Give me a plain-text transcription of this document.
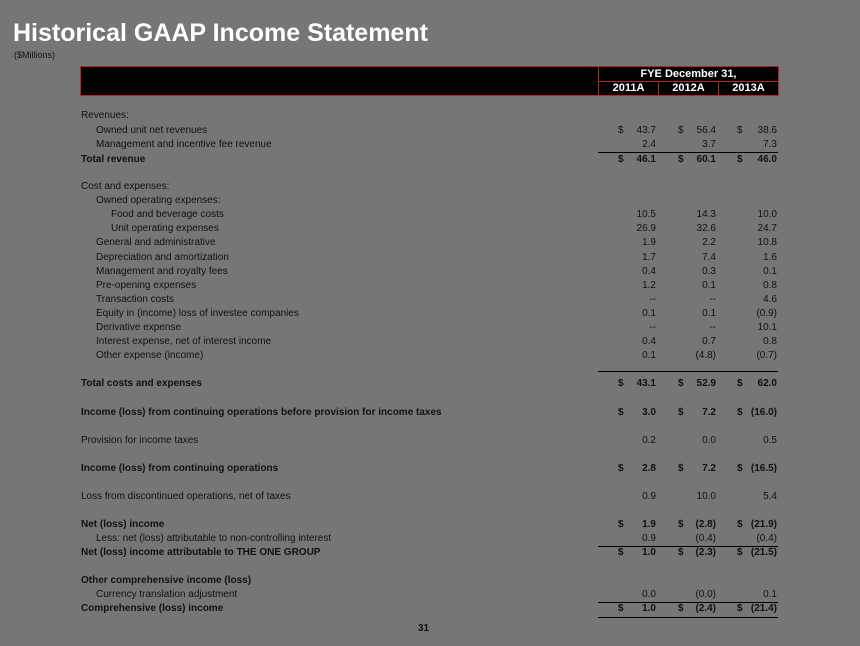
Historical GAAP Income Statement
($Millions)
FYE December 31,
2011A	2012A	2013A
Revenues:
Owned unit net revenues	$ 43.7 $ 56.4 $ 38.6
Management and incentive fee revenue	2.4	3.7	7.3
Total revenue	$ 46.1 $ 60.1 $ 46.0
Cost and expenses:
Owned operating expenses:
Food and beverage costs	10.5	14.3	10.0
Unit operating expenses	26.9	32.6	24.7
General and administrative	1.9	2.2	10.8
Depreciation and amortization	1.7	7.4	1.6
Management and royalty fees	0.4	0.3	0.1
Pre-opening expenses	1.2	0.1	0.8
Transaction costs	--	--	4.6
Equity in (income) loss of investee companies	0.1	0.1	(0.9)
Derivative expense	--	--	10.1
Interest expense, net of interest income	0.4	0.7	0.8
Other expense (income)	0.1	(4.8)	(0.7)
Total costs and expenses	$ 43.1 $ 52.9 $ 62.0
Income (loss) from continuing operations before provision for income taxes	$ 3.0 $ 7.2 $ (16.0)
Provision for income taxes	0.2	0.0	0.5
Income (loss) from continuing operations	$ 2.8 $ 7.2 $ (16.5)
Loss from discontinued operations, net of taxes	0.9	10.0	5.4
Net (loss) income	$ 1.9 $ (2.8) $ (21.9)
Less: net (loss) attributable to non-controlling interest	0.9	(0.4)	(0.4)
Net (loss) income attributable to THE ONE GROUP	$ 1.0 $ (2.3) $ (21.5)
Other comprehensive income (loss)
Currency translation adjustment	0.0	(0.0)	0.1
Comprehensive (loss) income	$ 1.0 $ (2.4) $ (21.4)
31
